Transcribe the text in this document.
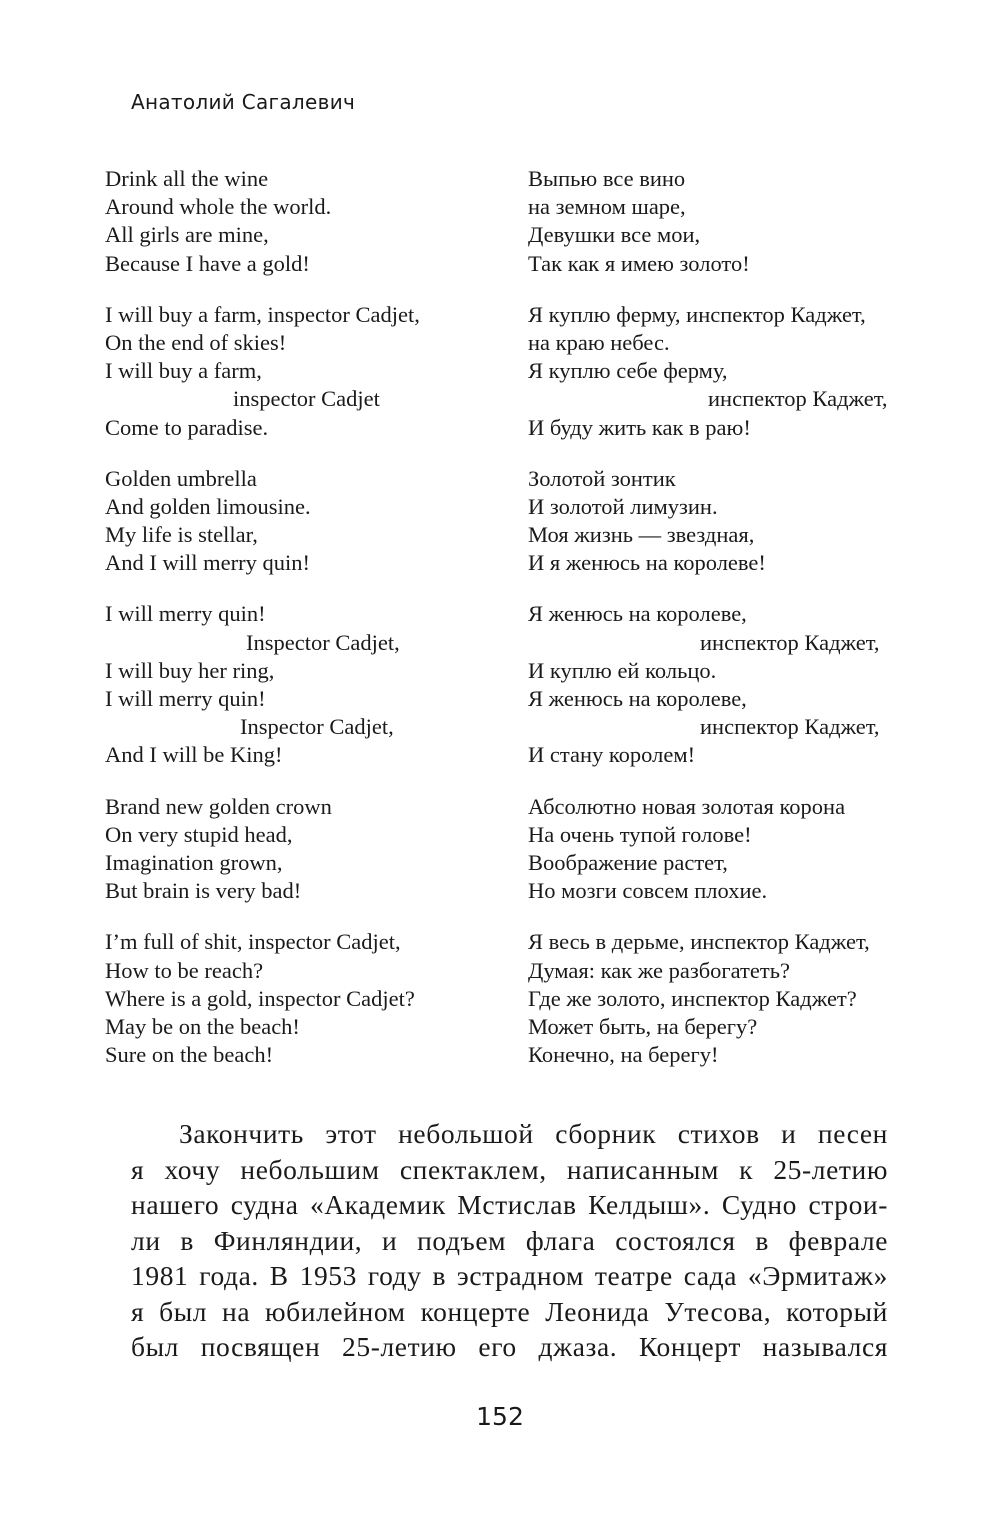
Анатолий Сагалевич
Drink all the wine
Around whole the world.
All girls are mine,
Because I have a gold!
I will buy a farm, inspector Cadjet,
On the end of skies!
I will buy a farm,
inspector Cadjet
Come to paradise.
Golden umbrella
And golden limousine.
My life is stellar,
And I will merry quin!
I will merry quin!
Inspector Cadjet,
I will buy her ring,
I will merry quin!
Inspector Cadjet,
And I will be King!
Brand new golden crown
On very stupid head,
Imagination grown,
But brain is very bad!
I’m full of shit, inspector Cadjet,
How to be reach?
Where is a gold, inspector Cadjet?
May be on the beach!
Sure on the beach!
Выпью все вино
на земном шаре,
Девушки все мои,
Так как я имею золото!
Я куплю ферму, инспектор Каджет,
на краю небес.
Я куплю себе ферму,
инспектор Каджет,
И буду жить как в раю!
Золотой зонтик
И золотой лимузин.
Моя жизнь — звездная,
И я женюсь на королеве!
Я женюсь на королеве,
инспектор Каджет,
И куплю ей кольцо.
Я женюсь на королеве,
инспектор Каджет,
И стану королем!
Абсолютно новая золотая корона
На очень тупой голове!
Воображение растет,
Но мозги совсем плохие.
Я весь в дерьме, инспектор Каджет,
Думая: как же разбогатеть?
Где же золото, инспектор Каджет?
Может быть, на берегу?
Конечно, на берегу!
Закончить этот небольшой сборник стихов и песен
я хочу небольшим спектаклем, написанным к 25-летию
нашего судна «Академик Мстислав Келдыш». Судно строи-
ли в Финляндии, и подъем флага состоялся в феврале
1981 года. В 1953 году в эстрадном театре сада «Эрмитаж»
я был на юбилейном концерте Леонида Утесова, который
был посвящен 25-летию его джаза. Концерт назывался
152
